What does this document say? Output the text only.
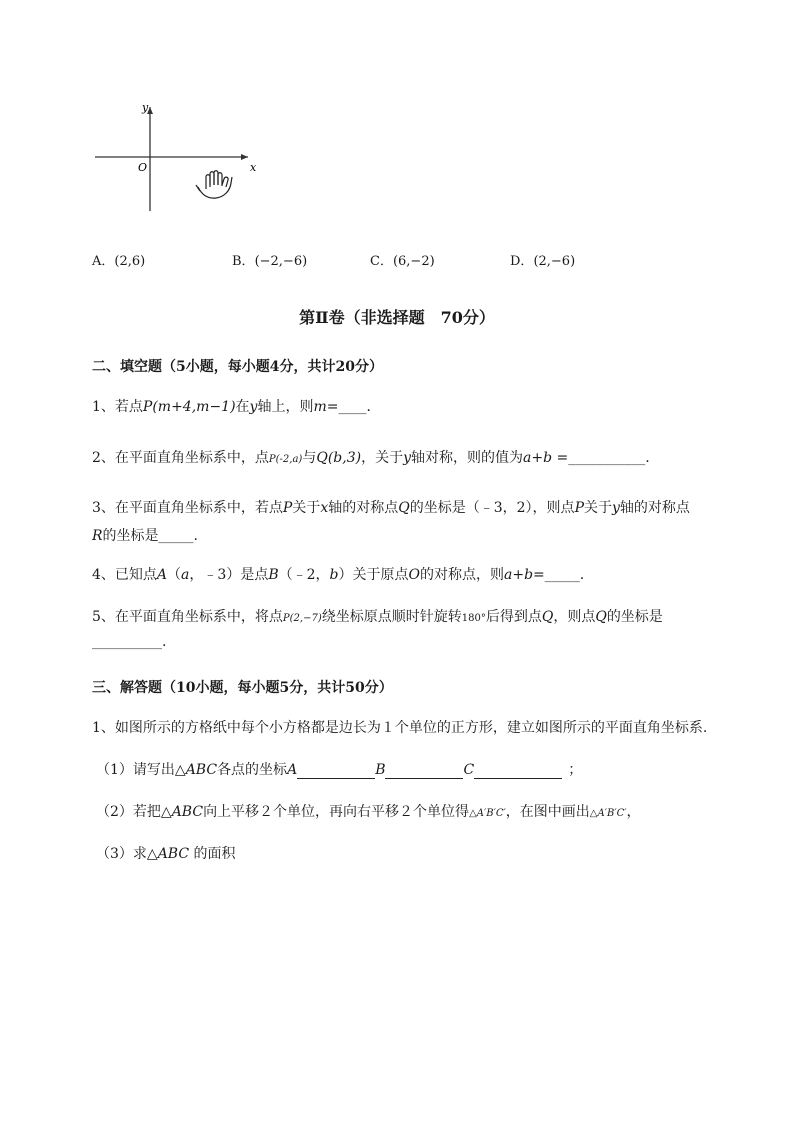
x
y
O
A．(2,6)	B．(−2,−6)	C．(6,−2)	D．(2,−6)
第Ⅱ卷（非选择题　70分）
二、填空题（5小题，每小题4分，共计20分）
1、若点P(m+4,m−1)在y轴上，则m=____．
2、在平面直角坐标系中，点P(-2,a)与Q(b,3)，关于y轴对称，则的值为a+b =___________.
3、在平面直角坐标系中，若点P关于x轴的对称点Q的坐标是（﹣3，2），则点P关于y轴的对称点
R的坐标是_____.
4、已知点A（a，﹣3）是点B（﹣2，b）关于原点O的对称点，则a+b=_____.
5、在平面直角坐标系中，将点P(2,−7)绕坐标原点顺时针旋转180°后得到点Q，则点Q的坐标是
__________.
三、解答题（10小题，每小题5分，共计50分）
1、如图所示的方格纸中每个小方格都是边长为１个单位的正方形，建立如图所示的平面直角坐标系.
（1）请写出△ABC各点的坐标A	B	C	；
（2）若把△ABC向上平移２个单位，再向右平移２个单位得△A′B′C′，在图中画出△A′B′C′，
（3）求△ABC 的面积
